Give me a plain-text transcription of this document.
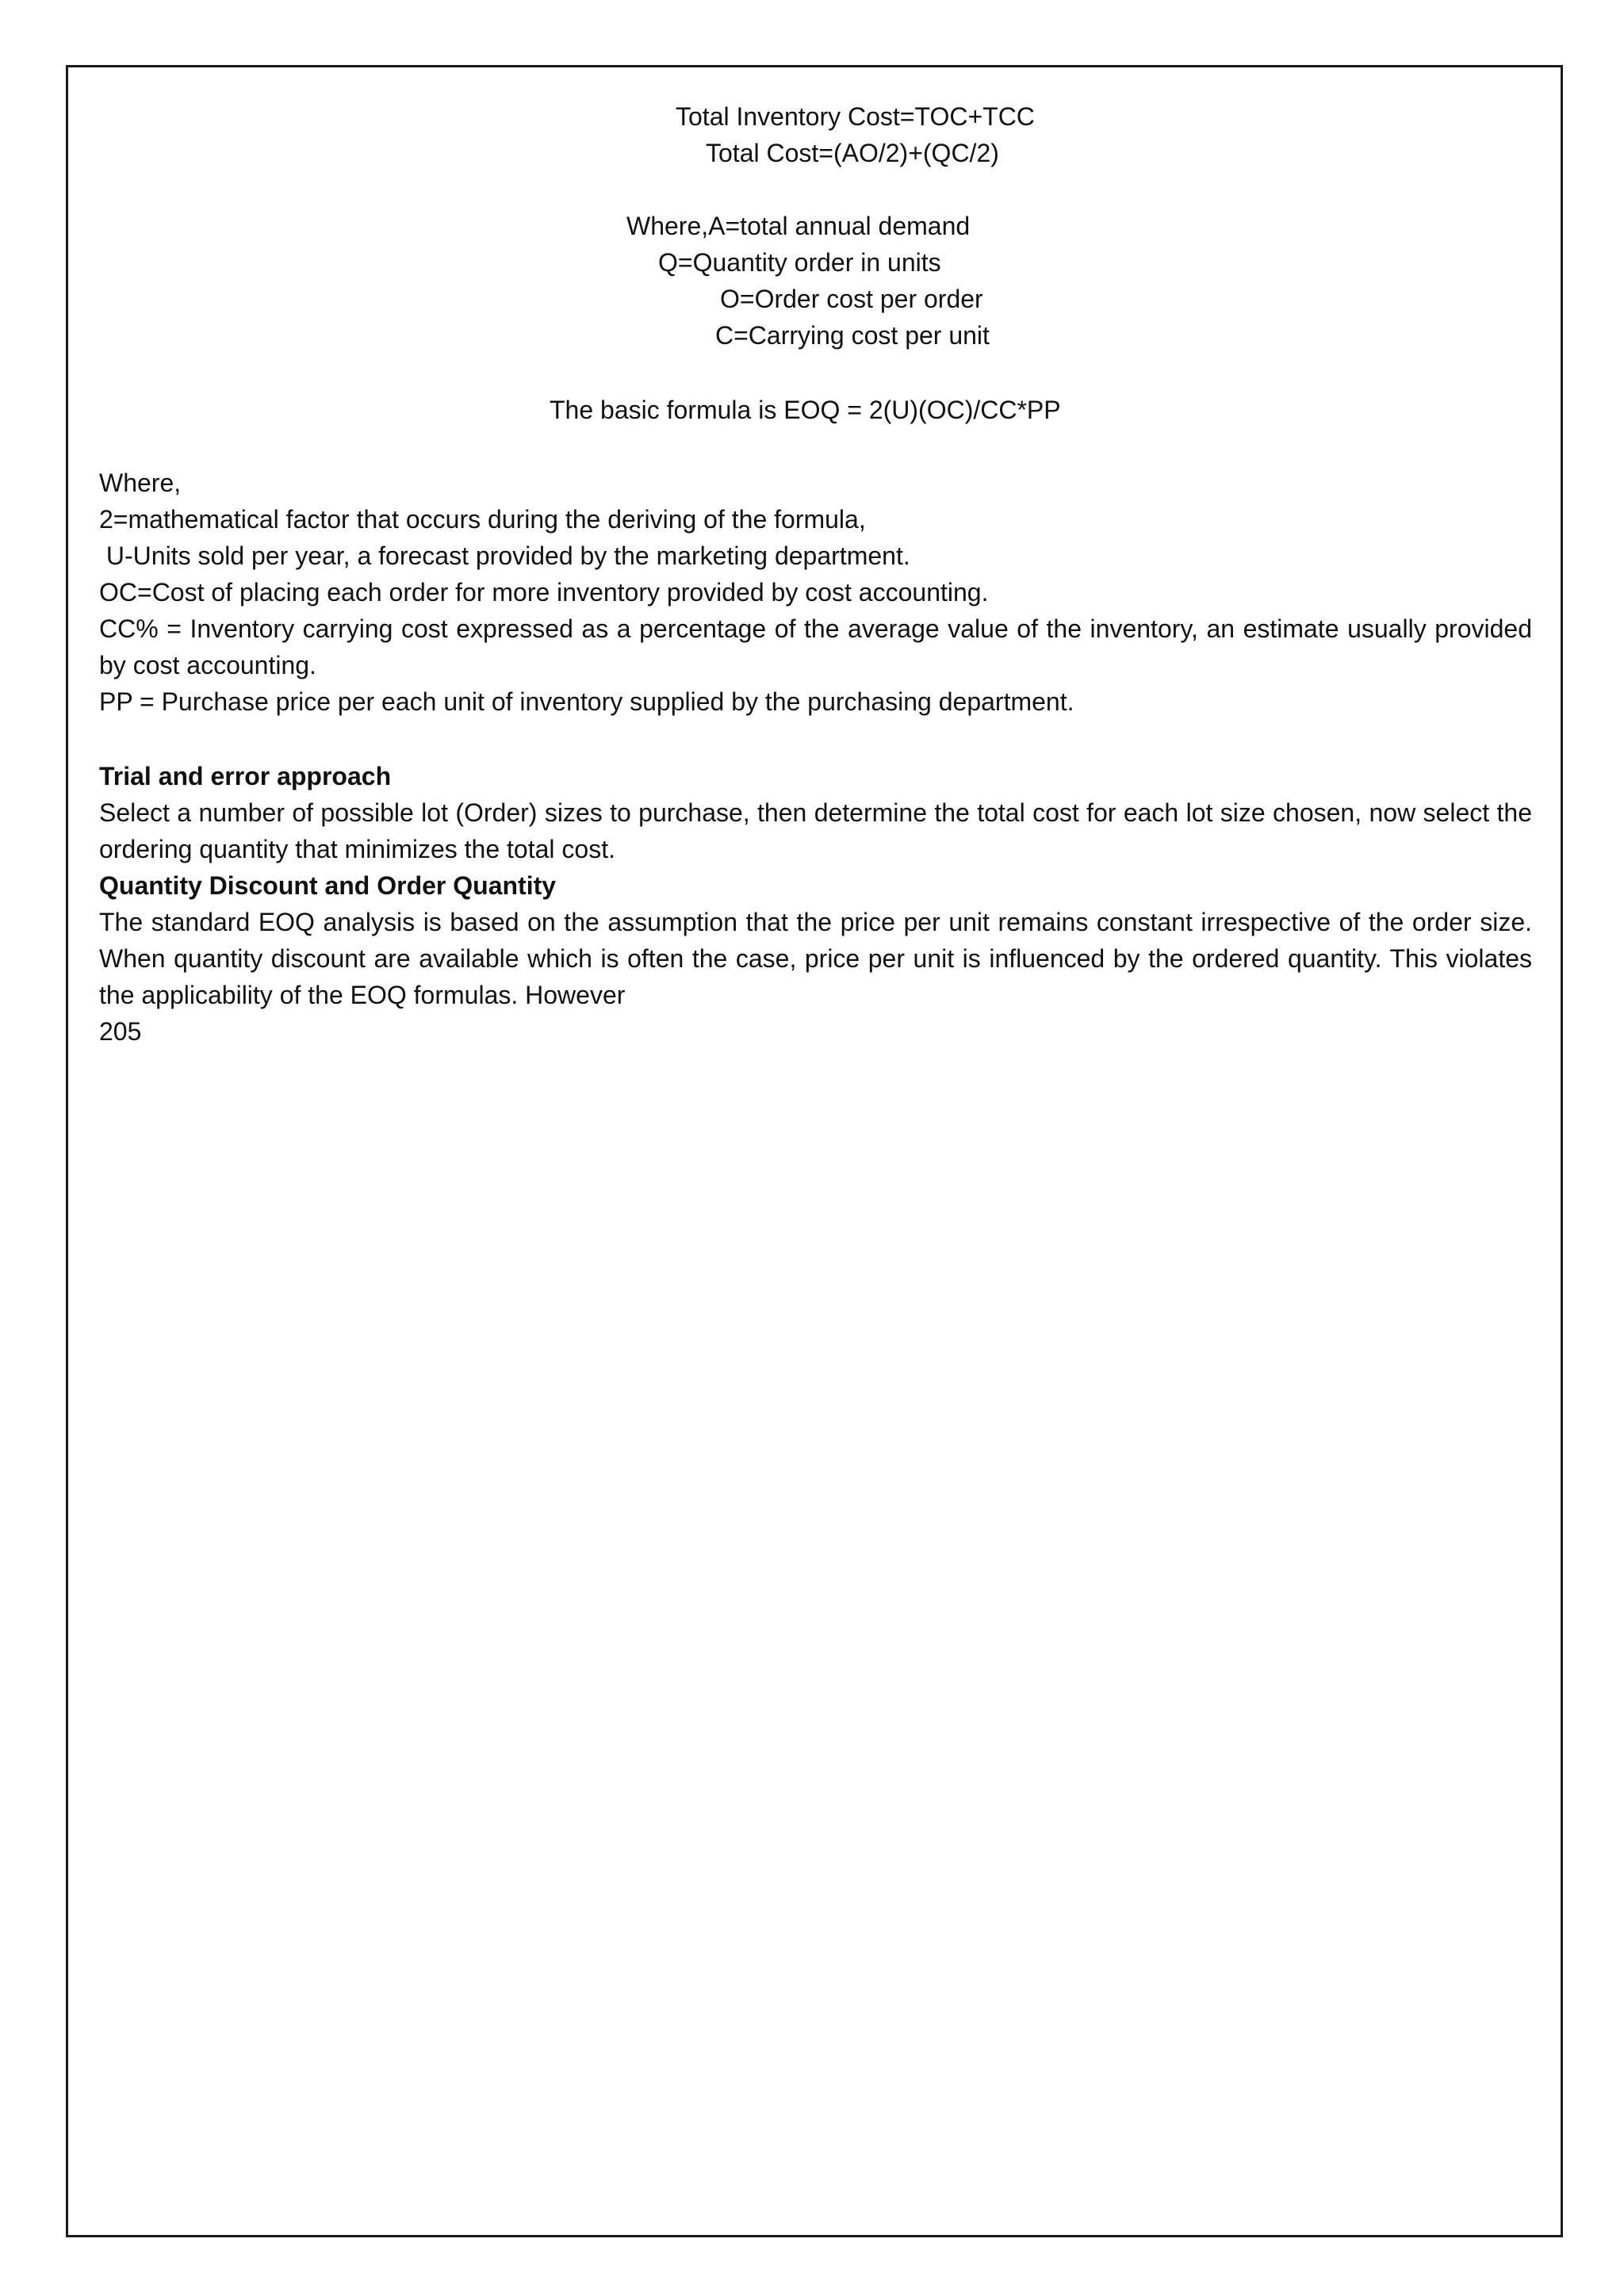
Total Inventory Cost=TOC+TCC
Total Cost=(AO/2)+(QC/2)
Where,A=total annual demand
Q=Quantity order in units
O=Order cost per order
C=Carrying cost per unit
The basic formula is EOQ = 2(U)(OC)/CC*PP

Where,

2=mathematical factor that occurs during the deriving of the formula,

U-Units sold per year, a forecast provided by the marketing department.

OC=Cost of placing each order for more inventory provided by cost accounting.

CC% = Inventory carrying cost expressed as a percentage of the average value of the inventory, an estimate usually provided by cost accounting.

PP = Purchase price per each unit of inventory supplied by the purchasing department.

Trial and error approach

Select a number of possible lot (Order) sizes to purchase, then determine the total cost for each lot size chosen, now select the ordering quantity that minimizes the total cost.

Quantity Discount and Order Quantity

The standard EOQ analysis is based on the assumption that the price per unit remains constant irrespective of the order size. When quantity discount are available which is often the case, price per unit is influenced by the ordered quantity. This violates the applicability of the EOQ formulas. However

205
